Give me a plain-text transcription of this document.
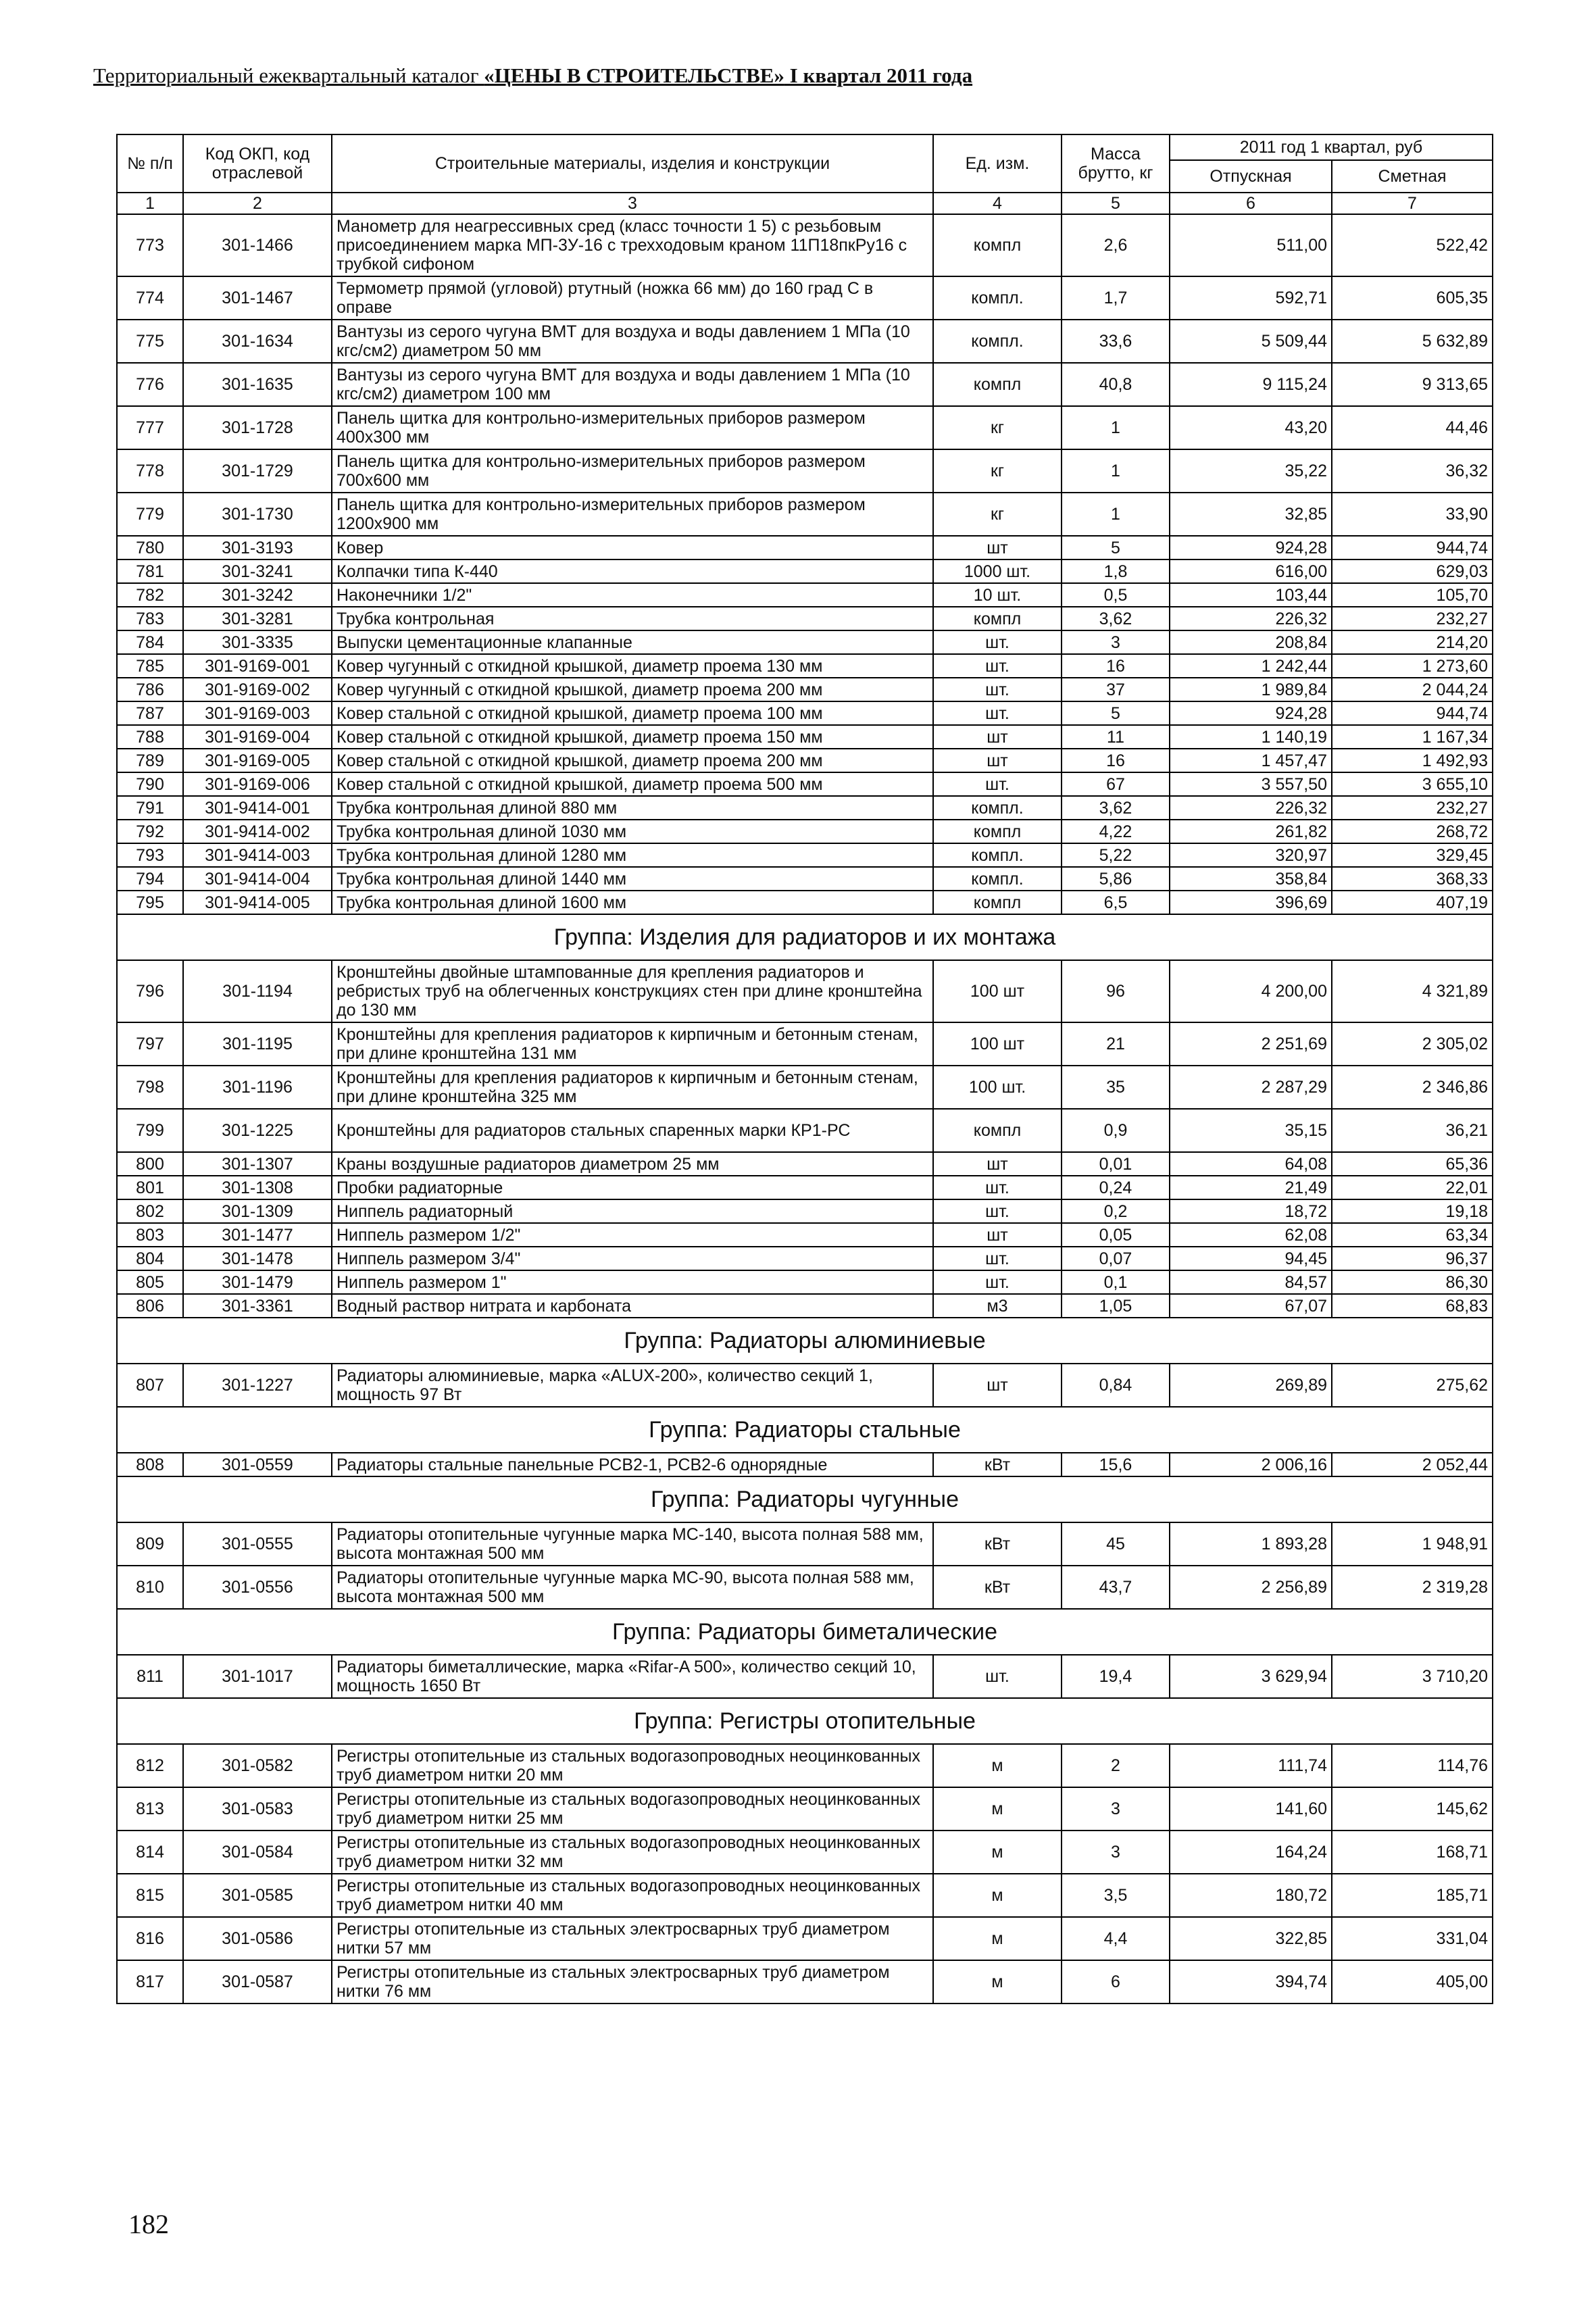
Территориальный ежеквартальный каталог «ЦЕНЫ В СТРОИТЕЛЬСТВЕ» I квартал 2011 года
№ п/п	Код ОКП, код отраслевой	Строительные материалы, изделия и конструкции	Ед. изм.	Масса брутто, кг	2011 год 1 квартал, руб	
					Отпускная	Сметная
1	2	3	4	5	6	7
773	301-1466	Манометр для неагрессивных сред (класс точности 1 5) с резьбовым присоединением марка МП-3У-16 с трехходовым краном 11П18пкРу16 с трубкой сифоном	компл	2,6	511,00	522,42
774	301-1467	Термометр прямой (угловой) ртутный (ножка 66 мм) до 160 град С в оправе	компл.	1,7	592,71	605,35
775	301-1634	Вантузы из серого чугуна ВМТ для воздуха и воды давлением 1 МПа (10 кгс/см2) диаметром 50 мм	компл.	33,6	5 509,44	5 632,89
776	301-1635	Вантузы из серого чугуна ВМТ для воздуха и воды давлением 1 МПа (10 кгс/см2) диаметром 100 мм	компл	40,8	9 115,24	9 313,65
777	301-1728	Панель щитка для контрольно-измерительных приборов размером 400х300 мм	кг	1	43,20	44,46
778	301-1729	Панель щитка для контрольно-измерительных приборов размером 700х600 мм	кг	1	35,22	36,32
779	301-1730	Панель щитка для контрольно-измерительных приборов размером 1200х900 мм	кг	1	32,85	33,90
780	301-3193	Ковер	шт	5	924,28	944,74
781	301-3241	Колпачки типа К-440	1000 шт.	1,8	616,00	629,03
782	301-3242	Наконечники 1/2"	10 шт.	0,5	103,44	105,70
783	301-3281	Трубка контрольная	компл	3,62	226,32	232,27
784	301-3335	Выпуски цементационные клапанные	шт.	3	208,84	214,20
785	301-9169-001	Ковер чугунный с откидной крышкой, диаметр проема 130 мм	шт.	16	1 242,44	1 273,60
786	301-9169-002	Ковер чугунный с откидной крышкой, диаметр проема 200 мм	шт.	37	1 989,84	2 044,24
787	301-9169-003	Ковер стальной с откидной крышкой, диаметр проема 100 мм	шт.	5	924,28	944,74
788	301-9169-004	Ковер стальной с откидной крышкой, диаметр проема 150 мм	шт	11	1 140,19	1 167,34
789	301-9169-005	Ковер стальной с откидной крышкой, диаметр проема 200 мм	шт	16	1 457,47	1 492,93
790	301-9169-006	Ковер стальной с откидной крышкой, диаметр проема 500 мм	шт.	67	3 557,50	3 655,10
791	301-9414-001	Трубка контрольная длиной 880 мм	компл.	3,62	226,32	232,27
792	301-9414-002	Трубка контрольная длиной 1030 мм	компл	4,22	261,82	268,72
793	301-9414-003	Трубка контрольная длиной 1280 мм	компл.	5,22	320,97	329,45
794	301-9414-004	Трубка контрольная длиной 1440 мм	компл.	5,86	358,84	368,33
795	301-9414-005	Трубка контрольная длиной 1600 мм	компл	6,5	396,69	407,19
Группа: Изделия для радиаторов и их монтажа						
796	301-1194	Кронштейны двойные штампованные для крепления радиаторов и ребристых труб на облегченных конструкциях стен при длине кронштейна до 130 мм	100 шт	96	4 200,00	4 321,89
797	301-1195	Кронштейны для крепления радиаторов к кирпичным и бетонным стенам, при длине кронштейна 131 мм	100 шт	21	2 251,69	2 305,02
798	301-1196	Кронштейны для крепления радиаторов к кирпичным и бетонным стенам, при длине кронштейна 325 мм	100 шт.	35	2 287,29	2 346,86
799	301-1225	Кронштейны для радиаторов стальных спаренных марки КР1-РС	компл	0,9	35,15	36,21
800	301-1307	Краны воздушные радиаторов диаметром 25 мм	шт	0,01	64,08	65,36
801	301-1308	Пробки радиаторные	шт.	0,24	21,49	22,01
802	301-1309	Ниппель радиаторный	шт.	0,2	18,72	19,18
803	301-1477	Ниппель размером 1/2"	шт	0,05	62,08	63,34
804	301-1478	Ниппель размером 3/4"	шт.	0,07	94,45	96,37
805	301-1479	Ниппель размером 1"	шт.	0,1	84,57	86,30
806	301-3361	Водный раствор нитрата и карбоната	м3	1,05	67,07	68,83
Группа: Радиаторы алюминиевые						
807	301-1227	Радиаторы алюминиевые, марка «ALUX-200», количество секций 1, мощность 97 Вт	шт	0,84	269,89	275,62
Группа: Радиаторы стальные						
808	301-0559	Радиаторы стальные панельные РСВ2-1, РСВ2-6 однорядные	кВт	15,6	2 006,16	2 052,44
Группа: Радиаторы чугунные						
809	301-0555	Радиаторы отопительные чугунные марка МС-140, высота полная 588 мм, высота монтажная 500 мм	кВт	45	1 893,28	1 948,91
810	301-0556	Радиаторы отопительные чугунные марка МС-90, высота полная 588 мм, высота монтажная 500 мм	кВт	43,7	2 256,89	2 319,28
Группа: Радиаторы биметалические						
811	301-1017	Радиаторы биметаллические, марка «Rifar-A 500», количество секций 10, мощность 1650 Вт	шт.	19,4	3 629,94	3 710,20
Группа: Регистры отопительные						
812	301-0582	Регистры отопительные из стальных водогазопроводных неоцинкованных труб диаметром нитки 20 мм	м	2	111,74	114,76
813	301-0583	Регистры отопительные из стальных водогазопроводных неоцинкованных труб диаметром нитки 25 мм	м	3	141,60	145,62
814	301-0584	Регистры отопительные из стальных водогазопроводных неоцинкованных труб диаметром нитки 32 мм	м	3	164,24	168,71
815	301-0585	Регистры отопительные из стальных водогазопроводных неоцинкованных труб диаметром нитки 40 мм	м	3,5	180,72	185,71
816	301-0586	Регистры отопительные из стальных электросварных труб диаметром нитки 57 мм	м	4,4	322,85	331,04
817	301-0587	Регистры отопительные из стальных электросварных труб диаметром нитки 76 мм	м	6	394,74	405,00
182
